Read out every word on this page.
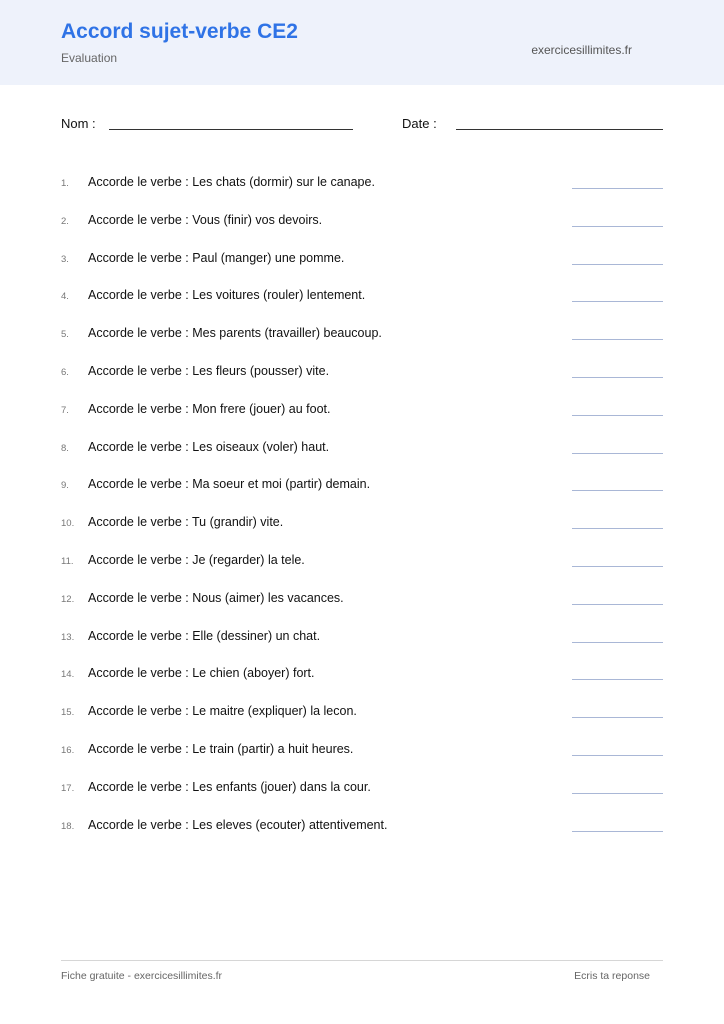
Accord sujet-verbe CE2
Evaluation
exercicesillimites.fr
Nom :	Date :
1.	Accorde le verbe : Les chats (dormir) sur le canape.
2.	Accorde le verbe : Vous (finir) vos devoirs.
3.	Accorde le verbe : Paul (manger) une pomme.
4.	Accorde le verbe : Les voitures (rouler) lentement.
5.	Accorde le verbe : Mes parents (travailler) beaucoup.
6.	Accorde le verbe : Les fleurs (pousser) vite.
7.	Accorde le verbe : Mon frere (jouer) au foot.
8.	Accorde le verbe : Les oiseaux (voler) haut.
9.	Accorde le verbe : Ma soeur et moi (partir) demain.
10.	Accorde le verbe : Tu (grandir) vite.
11.	Accorde le verbe : Je (regarder) la tele.
12.	Accorde le verbe : Nous (aimer) les vacances.
13.	Accorde le verbe : Elle (dessiner) un chat.
14.	Accorde le verbe : Le chien (aboyer) fort.
15.	Accorde le verbe : Le maitre (expliquer) la lecon.
16.	Accorde le verbe : Le train (partir) a huit heures.
17.	Accorde le verbe : Les enfants (jouer) dans la cour.
18.	Accorde le verbe : Les eleves (ecouter) attentivement.
Fiche gratuite - exercicesillimites.fr	Ecris ta reponse
